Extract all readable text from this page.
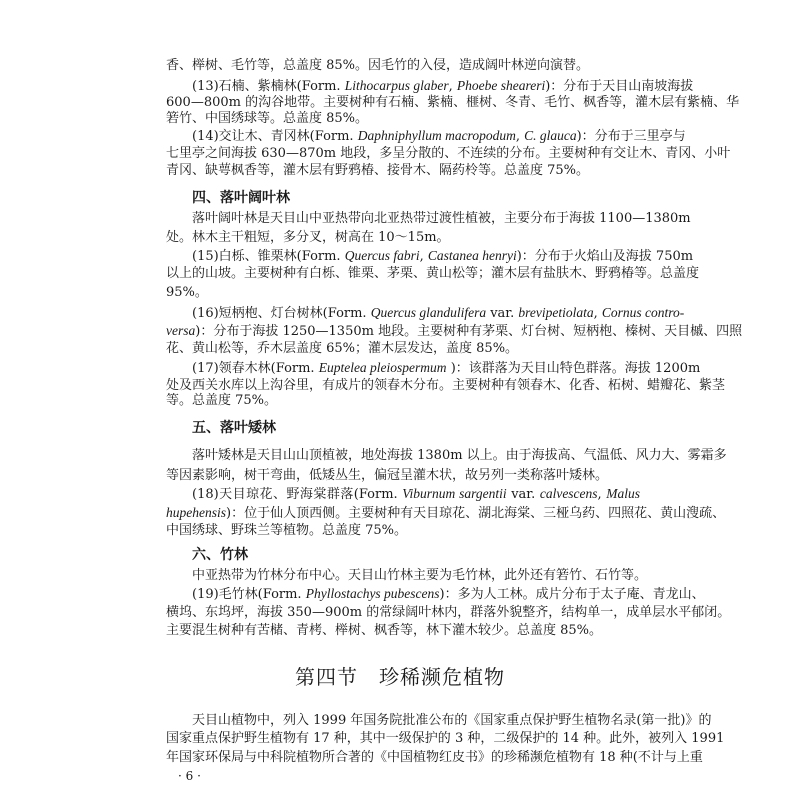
香、榉树、毛竹等，总盖度 85%。因毛竹的入侵，造成阔叶林逆向演替。
(13)石楠、紫楠林(Form. Lithocarpus glaber, Phoebe sheareri)：分布于天目山南坡海拔
600—800m 的沟谷地带。主要树种有石楠、紫楠、榧树、冬青、毛竹、枫香等，灌木层有紫楠、华
箬竹、中国绣球等。总盖度 85%。
(14)交让木、青冈林(Form. Daphniphyllum macropodum, C. glauca)：分布于三里亭与
七里亭之间海拔 630—870m 地段，多呈分散的、不连续的分布。主要树种有交让木、青冈、小叶
青冈、缺萼枫香等，灌木层有野鸦椿、接骨木、隔药柃等。总盖度 75%。
四、落叶阔叶林
落叶阔叶林是天目山中亚热带向北亚热带过渡性植被，主要分布于海拔 1100—1380m
处。林木主干粗短，多分叉，树高在 10～15m。
(15)白栎、锥栗林(Form. Quercus fabri, Castanea henryi)：分布于火焰山及海拔 750m
以上的山坡。主要树种有白栎、锥栗、茅栗、黄山松等；灌木层有盐肤木、野鸦椿等。总盖度
95%。
(16)短柄枹、灯台树林(Form. Quercus glandulifera var. brevipetiolata, Cornus contro-
versa)：分布于海拔 1250—1350m 地段。主要树种有茅栗、灯台树、短柄枹、榛树、天目槭、四照
花、黄山松等，乔木层盖度 65%；灌木层发达，盖度 85%。
(17)领春木林(Form. Euptelea pleiospermum )：该群落为天目山特色群落。海拔 1200m
处及西关水库以上沟谷里，有成片的领春木分布。主要树种有领春木、化香、柘树、蜡瓣花、紫茎
等。总盖度 75%。
五、落叶矮林
落叶矮林是天目山山顶植被，地处海拔 1380m 以上。由于海拔高、气温低、风力大、雾霜多
等因素影响，树干弯曲，低矮丛生，偏冠呈灌木状，故另列一类称落叶矮林。
(18)天目琼花、野海棠群落(Form. Viburnum sargentii var. calvescens, Malus
hupehensis)：位于仙人顶西侧。主要树种有天目琼花、湖北海棠、三桠乌药、四照花、黄山溲疏、
中国绣球、野珠兰等植物。总盖度 75%。
六、竹林
中亚热带为竹林分布中心。天目山竹林主要为毛竹林，此外还有箬竹、石竹等。
(19)毛竹林(Form. Phyllostachys pubescens)：多为人工林。成片分布于太子庵、青龙山、
横坞、东坞坪，海拔 350—900m 的常绿阔叶林内，群落外貌整齐，结构单一，成单层水平郁闭。
主要混生树种有苦槠、青栲、榉树、枫香等，林下灌木较少。总盖度 85%。
第四节　珍稀濒危植物
天目山植物中，列入 1999 年国务院批准公布的《国家重点保护野生植物名录(第一批)》的
国家重点保护野生植物有 17 种，其中一级保护的 3 种，二级保护的 14 种。此外，被列入 1991
年国家环保局与中科院植物所合著的《中国植物红皮书》的珍稀濒危植物有 18 种(不计与上重
· 6 ·
